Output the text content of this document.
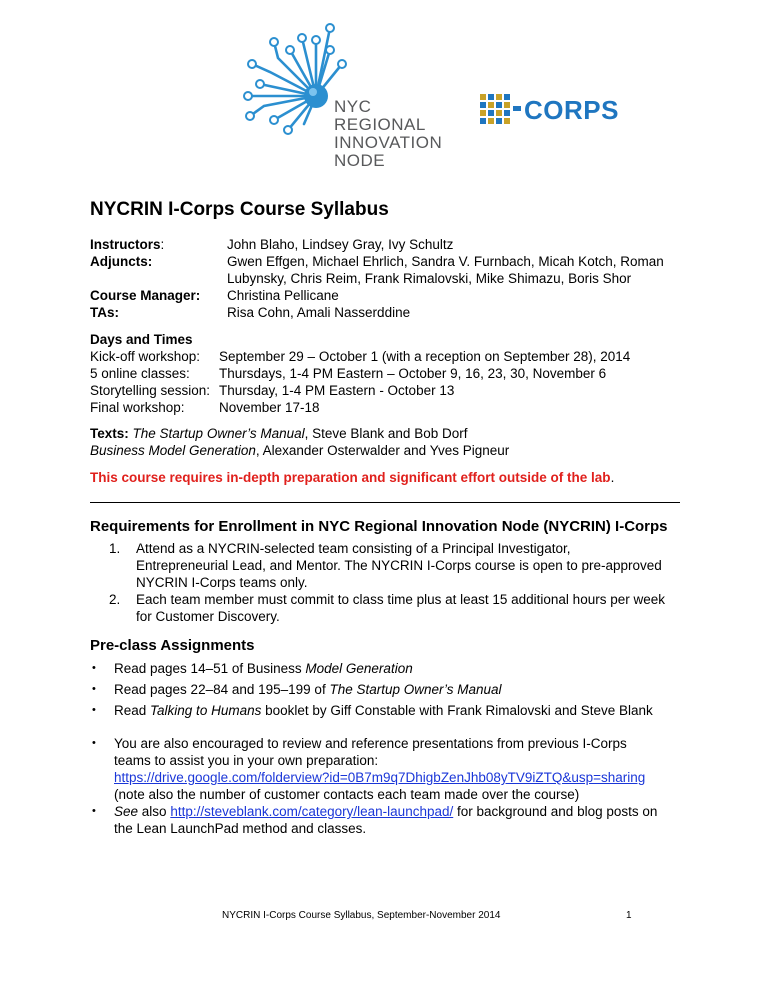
NYC
REGIONAL
INNOVATION
NODE
CORPS
NYCRIN I-Corps Course Syllabus
Instructors:	John Blaho, Lindsey Gray, Ivy Schultz
Adjuncts:	Gwen Effgen, Michael Ehrlich, Sandra V. Furnbach, Micah Kotch, Roman
Lubynsky, Chris Reim, Frank Rimalovski, Mike Shimazu, Boris Shor
Course Manager: Christina Pellicane
TAs:	Risa Cohn, Amali Nasserddine
Days and Times
Kick-off workshop: September 29 – October 1 (with a reception on September 28), 2014
5 online classes: Thursdays, 1-4 PM Eastern – October 9, 16, 23, 30, November 6
Storytelling session: Thursday, 1-4 PM Eastern - October 13
Final workshop:	November 17-18
Texts: The Startup Owner’s Manual, Steve Blank and Bob Dorf
Business Model Generation, Alexander Osterwalder and Yves Pigneur
This course requires in-depth preparation and significant effort outside of the lab.
Requirements for Enrollment in NYC Regional Innovation Node (NYCRIN) I-Corps
1. Attend as a NYCRIN-selected team consisting of a Principal Investigator,
Entrepreneurial Lead, and Mentor. The NYCRIN I-Corps course is open to pre-approved
NYCRIN I-Corps teams only.
2. Each team member must commit to class time plus at least 15 additional hours per week
for Customer Discovery.
Pre-class Assignments
• Read pages 14–51 of Business Model Generation
• Read pages 22–84 and 195–199 of The Startup Owner’s Manual
• Read Talking to Humans booklet by Giff Constable with Frank Rimalovski and Steve Blank
• You are also encouraged to review and reference presentations from previous I-Corps
teams to assist you in your own preparation:
https://drive.google.com/folderview?id=0B7m9q7DhigbZenJhb08yTV9iZTQ&usp=sharing
(note also the number of customer contacts each team made over the course)
• See also http://steveblank.com/category/lean-launchpad/ for background and blog posts on
the Lean LaunchPad method and classes.
NYCRIN I-Corps Course Syllabus, September-November 2014	1
